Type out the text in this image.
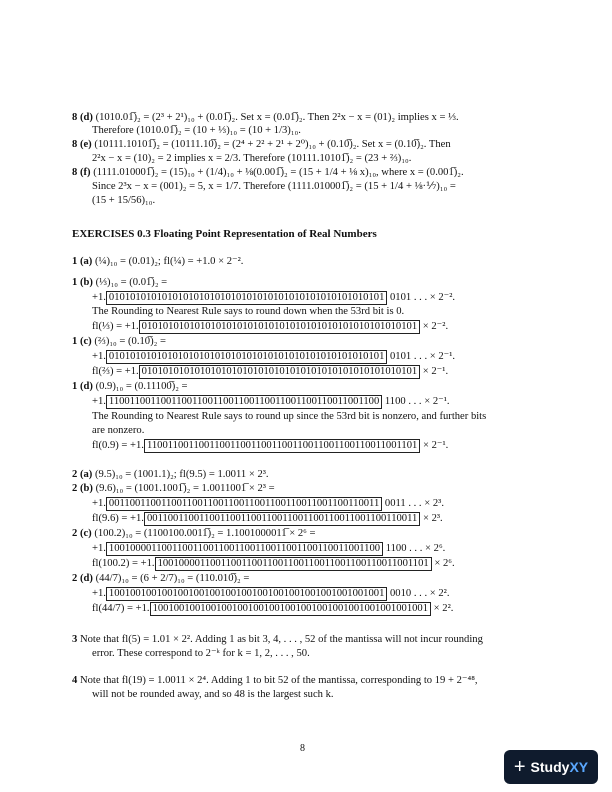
EXERCISES 0.3 Floating Point Representation of Real Numbers
8 (d) (1010.01̅)₂ = (2³ + 2¹)₁₀ + (0.01̅)₂. Set x = (0.01̅)₂. Then 2²x − x = (01)₂ implies x = ⅓.
Therefore (1010.01̅)₂ = (10 + ⅓)₁₀ = (10 + 1/3)₁₀.
8 (e) (10111.10101̅)₂ = (10111.10̅)₂ = (2⁴ + 2² + 2¹ + 2⁰)₁₀ + (0.10̅)₂. Set x = (0.10̅)₂. Then
2²x − x = (10)₂ = 2 implies x = 2/3. Therefore (10111.10101̅)₂ = (23 + ⅔)₁₀.
8 (f) (1111.010001̅)₂ = (15)₁₀ + (1/4)₁₀ + ⅛(0.001̅)₂ = (15 + 1/4 + ⅛ x)₁₀, where x = (0.001̅)₂.
Since 2³x − x = (001)₂ = 5, x = 1/7. Therefore (1111.010001̅)₂ = (15 + 1/4 + ⅛·⅐)₁₀ =
(15 + 15/56)₁₀.
1 (a) (¼)₁₀ = (0.01)₂; fl(¼) = +1.0 × 2⁻².
1 (b) (⅓)₁₀ = (0.01̅)₂ =
+1. 0101010101010101010101010101010101010101010101010101 0101 . . . × 2⁻².
The Rounding to Nearest Rule says to round down when the 53rd bit is 0.
fl(⅓) = +1. 0101010101010101010101010101010101010101010101010101 × 2⁻².
1 (c) (⅔)₁₀ = (0.10̅)₂ =
+1. 0101010101010101010101010101010101010101010101010101 0101 . . . × 2⁻¹.
fl(⅔) = +1. 0101010101010101010101010101010101010101010101010101 × 2⁻¹.
1 (d) (0.9)₁₀ = (0.11100̅)₂ =
+1. 1100110011001100110011001100110011001100110011001100 1100 . . . × 2⁻¹.
The Rounding to Nearest Rule says to round up since the 53rd bit is nonzero, and further bits
are nonzero.
fl(0.9) = +1. 1100110011001100110011001100110011001100110011001101 × 2⁻¹.
2 (a) (9.5)₁₀ = (1001.1)₂; fl(9.5) = 1.0011 × 2³.
2 (b) (9.6)₁₀ = (1001.1001̅)₂ = 1.0011001̅ × 2³ =
+1. 0011001100110011001100110011001100110011001100110011 0011 . . . × 2³.
fl(9.6) = +1. 0011001100110011001100110011001100110011001100110011 × 2³.
2 (c) (100.2)₁₀ = (1100100.0011̅)₂ = 1.1001000011̅ × 2⁶ =
+1. 1001000011001100110011001100110011001100110011001100 1100 . . . × 2⁶.
fl(100.2) = +1. 1001000011001100110011001100110011001100110011001101 × 2⁶.
2 (d) (44/7)₁₀ = (6 + 2/7)₁₀ = (110.010̅)₂ =
+1. 1001001001001001001001001001001001001001001001001001 0010 . . . × 2².
fl(44/7) = +1. 1001001001001001001001001001001001001001001001001001 × 2².
3 Note that fl(5) = 1.01 × 2². Adding 1 as bit 3, 4, . . . , 52 of the mantissa will not incur rounding
error. These correspond to 2⁻ᵏ for k = 1, 2, . . . , 50.
4 Note that fl(19) = 1.0011 × 2⁴. Adding 1 to bit 52 of the mantissa, corresponding to 19 + 2⁻⁴⁸,
will not be rounded away, and so 48 is the largest such k.
8
+ StudyXY
